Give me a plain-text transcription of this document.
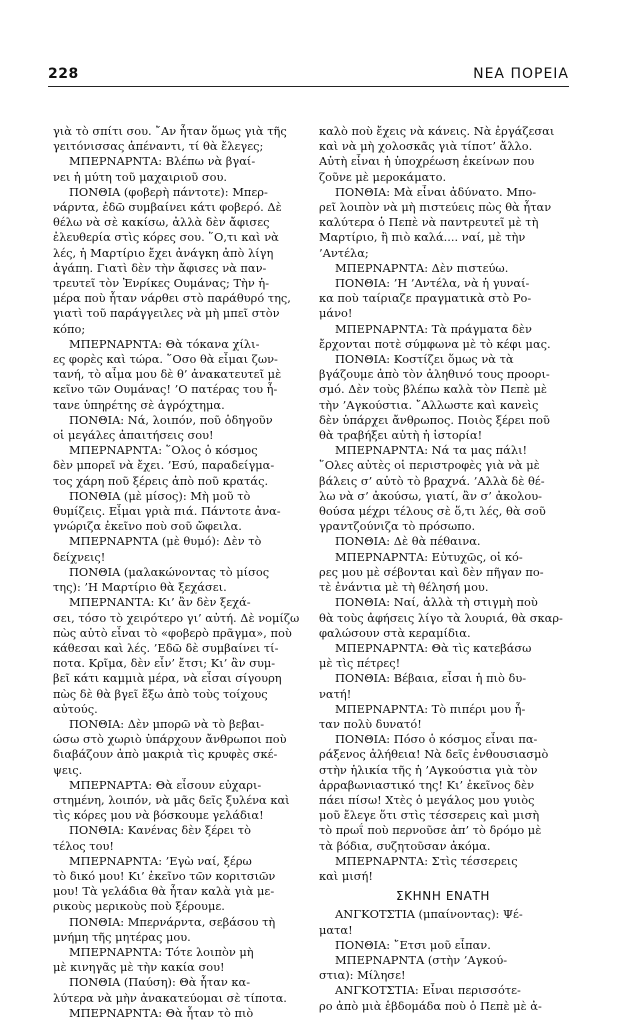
228	ΝΕΑ ΠΟΡΕΙΑ
γιὰ τὸ σπίτι σου. ῎Αν ἦταν ὅμως γιὰ τῆς
γειτόνισσας ἀπέναντι, τί θὰ ἔλεγες;
ΜΠΕΡΝΑΡΝΤΑ: Βλέπω νὰ βγαί-
νει ἡ μύτη τοῦ μαχαιριοῦ σου.
ΠΟΝΘΙΑ (φοβερὴ πάντοτε): Μπερ-
νάρντα, ἐδῶ συμβαίνει κάτι φοβερό. Δὲ
θέλω νὰ σὲ κακίσω, ἀλλὰ δὲν ἄφισες
ἐλευθερία στὶς κόρες σου. ῞Ο,τι καὶ νὰ
λές, ἡ Μαρτίριο ἔχει ἀνάγκη ἀπὸ λίγη
ἀγάπη. Γιατὶ δὲν τὴν ἄφισες νὰ παν-
τρευτεῖ τὸν Ἐνρίκες Ουμάνας; Τὴν ἡ-
μέρα ποὺ ἦταν νάρθει στὸ παράθυρό της,
γιατὶ τοῦ παράγγειλες νὰ μὴ μπεῖ στὸν
κόπο;
ΜΠΕΡΝΑΡΝΤΑ: Θὰ τόκανα χίλι-
ες φορὲς καὶ τώρα. ῞Οσο θὰ εἶμαι ζων-
τανή, τὸ αἷμα μου δὲ θ’ ἀνακατευτεῖ μὲ
κεῖνο τῶν Ουμάνας! ’Ο πατέρας του ἦ-
τανε ὑπηρέτης σὲ ἀγρόχτημα.
ΠΟΝΘΙΑ: Νά, λοιπόν, ποῦ ὁδηγοῦν
οἱ μεγάλες ἀπαιτήσεις σου!
ΜΠΕΡΝΑΡΝΤΑ: ῞Ολος ὁ κόσμος
δὲν μπορεῖ νὰ ἔχει. ’Εσύ, παραδείγμα-
τος χάρη ποῦ ξέρεις ἀπὸ ποῦ κρατάς.
ΠΟΝΘΙΑ (μὲ μίσος): Μὴ μοῦ τὸ
θυμίζεις. Εἶμαι γριὰ πιά. Πάντοτε ἀνα-
γνώριζα ἐκεῖνο ποὺ σοῦ ὤφειλα.
ΜΠΕΡΝΑΡΝΤΑ (μὲ θυμό): Δὲν τὸ
δείχνεις!
ΠΟΝΘΙΑ (μαλακώνοντας τὸ μίσος
της): ’Η Μαρτίριο θὰ ξεχάσει.
ΜΠΕΡΝΑΝΤΑ: Κι’ ἂν δὲν ξεχά-
σει, τόσο τὸ χειρότερο γι’ αὐτή. Δὲ νομίζω
πὼς αὐτὸ εἶναι τὸ «φοβερὸ πρᾶγμα», ποὺ
κάθεσαι καὶ λές. ’Εδῶ δὲ συμβαίνει τί-
ποτα. Κρῖμα, δὲν εἶν’ ἔτσι; Κι’ ἂν συμ-
βεῖ κάτι καμμιὰ μέρα, νὰ εἶσαι σίγουρη
πὼς δὲ θὰ βγεῖ ἔξω ἀπὸ τοὺς τοίχους
αὐτούς.
ΠΟΝΘΙΑ: Δὲν μπορῶ νὰ τὸ βεβαι-
ώσω στὸ χωριὸ ὑπάρχουν ἄνθρωποι ποὺ
διαβάζουν ἀπὸ μακριὰ τὶς κρυφὲς σκέ-
ψεις.
ΜΠΕΡΝΑΡΤΑ: Θὰ εἶσουν εὐχαρι-
στημένη, λοιπόν, νὰ μᾶς δεῖς ξυλένα καὶ
τὶς κόρες μου νὰ βόσκουμε γελάδια!
ΠΟΝΘΙΑ: Κανένας δὲν ξέρει τὸ
τέλος του!
ΜΠΕΡΝΑΡΝΤΑ: ’Εγὼ ναί, ξέρω
τὸ δικό μου! Κι’ ἐκεῖνο τῶν κοριτσιῶν
μου! Τὰ γελάδια θὰ ἦταν καλὰ γιὰ με-
ρικοὺς μερικοὺς ποὺ ξέρουμε.
ΠΟΝΘΙΑ: Μπερνάρντα, σεβάσου τὴ
μνήμη τῆς μητέρας μου.
ΜΠΕΡΝΑΡΝΤΑ: Τότε λοιπὸν μὴ
μὲ κινηγᾶς μὲ τὴν κακία σου!
ΠΟΝΘΙΑ (Παύση): Θὰ ἦταν κα-
λύτερα νὰ μὴν ἀνακατεύομαι σὲ τίποτα.
ΜΠΕΡΝΑΡΝΤΑ: Θὰ ἦταν τὸ πιὸ
καλὸ ποὺ ἔχεις νὰ κάνεις. Νὰ ἐργάζεσαι
καὶ νὰ μὴ χολοσκᾶς γιὰ τίποτ’ ἄλλο.
Αὐτὴ εἶναι ἡ ὑποχρέωση ἐκείνων που
ζοῦνε μὲ μεροκάματο.
ΠΟΝΘΙΑ: Μὰ εἶναι ἀδύνατο. Μπο-
ρεῖ λοιπὸν νὰ μὴ πιστεύεις πὼς θὰ ἦταν
καλύτερα ὁ Πεπὲ νὰ παντρευτεῖ μὲ τὴ
Μαρτίριο, ἢ πιὸ καλά.... ναί, μὲ τὴν
’Αντέλα;
ΜΠΕΡΝΑΡΝΤΑ: Δὲν πιστεύω.
ΠΟΝΘΙΑ: ’Η ’Αντέλα, νὰ ἡ γυναί-
κα ποὺ ταίριαζε πραγματικὰ στὸ Ρο-
μάνο!
ΜΠΕΡΝΑΡΝΤΑ: Τὰ πράγματα δὲν
ἔρχονται ποτὲ σύμφωνα μὲ τὸ κέφι μας.
ΠΟΝΘΙΑ: Κοστίζει ὅμως νὰ τὰ
βγάζουμε ἀπὸ τὸν ἀληθινό τους προορι-
σμό. Δὲν τοὺς βλέπω καλὰ τὸν Πεπὲ μὲ
τὴν ’Αγκούστια. ῎Αλλωστε καὶ κανεὶς
δὲν ὑπάρχει ἄνθρωπος. Ποιὸς ξέρει ποῦ
θὰ τραβήξει αὐτὴ ἡ ἱστορία!
ΜΠΕΡΝΑΡΝΤΑ: Νά τα μας πάλι!
῞Ολες αὐτὲς οἱ περιστροφὲς γιὰ νὰ μὲ
βάλεις σ’ αὐτὸ τὸ βραχνά. ’Αλλὰ δὲ θέ-
λω νὰ σ’ ἀκούσω, γιατί, ἂν σ’ ἀκολου-
θούσα μέχρι τέλους σὲ ὅ,τι λές, θὰ σοῦ
γραντζούνιζα τὸ πρόσωπο.
ΠΟΝΘΙΑ: Δὲ θὰ πέθαινα.
ΜΠΕΡΝΑΡΝΤΑ: Εὐτυχῶς, οἱ κό-
ρες μου μὲ σέβονται καὶ δὲν πῆγαν πο-
τὲ ἐνάντια μὲ τὴ θέλησή μου.
ΠΟΝΘΙΑ: Ναί, ἀλλὰ τὴ στιγμὴ ποὺ
θὰ τοὺς ἀφήσεις λίγο τὰ λουριά, θὰ σκαρ-
φαλώσουν στὰ κεραμίδια.
ΜΠΕΡΝΑΡΝΤΑ: Θὰ τὶς κατεβάσω
μὲ τὶς πέτρες!
ΠΟΝΘΙΑ: Βέβαια, εἶσαι ἡ πιὸ δυ-
νατή!
ΜΠΕΡΝΑΡΝΤΑ: Τὸ πιπέρι μου ἦ-
ταν πολὺ δυνατό!
ΠΟΝΘΙΑ: Πόσο ὁ κόσμος εἶναι πα-
ράξενος ἀλήθεια! Νὰ δεῖς ἐνθουσιασμὸ
στὴν ἡλικία τῆς ἡ ’Αγκούστια γιὰ τὸν
ἀρραβωνιαστικό της! Κι’ ἐκεῖνος δὲν
πάει πίσω! Χτὲς ὁ μεγάλος μου γυιὸς
μοῦ ἔλεγε ὅτι στὶς τέσσερεις καὶ μισὴ
τὸ πρωΐ ποὺ περνοῦσε ἀπ’ τὸ δρόμο μὲ
τὰ βόδια, συζητοῦσαν ἀκόμα.
ΜΠΕΡΝΑΡΝΤΑ: Στὶς τέσσερεις
καὶ μισή!
ΣΚΗΝΗ ΕΝΑΤΗ
ΑΝΓΚΟΤΣΤΙΑ (μπαίνοντας): Ψέ-
ματα!
ΠΟΝΘΙΑ: ῎Ετσι μοῦ εἶπαν.
ΜΠΕΡΝΑΡΝΤΑ (στὴν ’Αγκού-
στια): Μίλησε!
ΑΝΓΚΟΤΣΤΙΑ: Εἶναι περισσότε-
ρο ἀπὸ μιὰ ἑβδομάδα ποὺ ὁ Πεπὲ μὲ ἀ-
